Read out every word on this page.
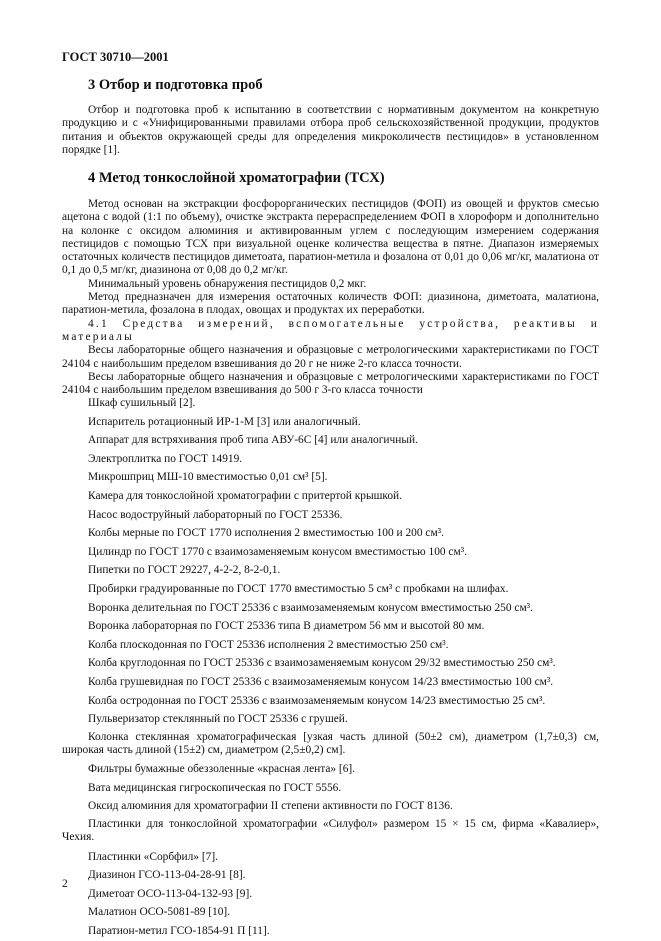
ГОСТ 30710—2001
3 Отбор и подготовка проб

Отбор и подготовка проб к испытанию в соответствии с нормативным документом на конкретную продукцию и с «Унифицированными правилами отбора проб сельскохозяйственной продукции, продуктов питания и объектов окружающей среды для определения микроколичеств пестицидов» в установленном порядке [1].

4 Метод тонкослойной хроматографии (ТСХ)

Метод основан на экстракции фосфорорганических пестицидов (ФОП) из овощей и фруктов смесью ацетона с водой (1:1 по объему), очистке экстракта перераспределением ФОП в хлороформ и дополнительно на колонке с оксидом алюминия и активированным углем с последующим измерением содержания пестицидов с помощью ТСХ при визуальной оценке количества вещества в пятне. Диапазон измеряемых остаточных количеств пестицидов диметоата, паратион-метила и фозалона от 0,01 до 0,06 мг/кг, малатиона от 0,1 до 0,5 мг/кг, диазинона от 0,08 до 0,2 мг/кг.

Минимальный уровень обнаружения пестицидов 0,2 мкг.

Метод предназначен для измерения остаточных количеств ФОП: диазинона, диметоата, малатиона, паратион-метила, фозалона в плодах, овощах и продуктах их переработки.

4.1 Средства измерений, вспомогательные устройства, реактивы и материалы

Весы лабораторные общего назначения и образцовые с метрологическими характеристиками по ГОСТ 24104 с наибольшим пределом взвешивания до 20 г не ниже 2-го класса точности.

Весы лабораторные общего назначения и образцовые с метрологическими характеристиками по ГОСТ 24104 с наибольшим пределом взвешивания до 500 г 3-го класса точности

Шкаф сушильный [2].

Испаритель ротационный ИР-1-М [3] или аналогичный.

Аппарат для встряхивания проб типа АВУ-6С [4] или аналогичный.

Электроплитка по ГОСТ 14919.

Микрошприц МШ-10 вместимостью 0,01 см³ [5].

Камера для тонкослойной хроматографии с притертой крышкой.

Насос водоструйный лабораторный по ГОСТ 25336.

Колбы мерные по ГОСТ 1770 исполнения 2 вместимостью 100 и 200 см³.

Цилиндр по ГОСТ 1770 с взаимозаменяемым конусом вместимостью 100 см³.

Пипетки по ГОСТ 29227, 4-2-2, 8-2-0,1.

Пробирки градуированные по ГОСТ 1770 вместимостью 5 см³ с пробками на шлифах.

Воронка делительная по ГОСТ 25336 с взаимозаменяемым конусом вместимостью 250 см³.

Воронка лабораторная по ГОСТ 25336 типа В диаметром 56 мм и высотой 80 мм.

Колба плоскодонная по ГОСТ 25336 исполнения 2 вместимостью 250 см³.

Колба круглодонная по ГОСТ 25336 с взаимозаменяемым конусом 29/32 вместимостью 250 см³.

Колба грушевидная по ГОСТ 25336 с взаимозаменяемым конусом 14/23 вместимостью 100 см³.

Колба остродонная по ГОСТ 25336 с взаимозаменяемым конусом 14/23 вместимостью 25 см³.

Пульверизатор стеклянный по ГОСТ 25336 с грушей.

Колонка стеклянная хроматографическая [узкая часть длиной (50±2 см), диаметром (1,7±0,3) см, широкая часть длиной (15±2) см, диаметром (2,5±0,2) см].

Фильтры бумажные обеззоленные «красная лента» [6].

Вата медицинская гигроскопическая по ГОСТ 5556.

Оксид алюминия для хроматографии II степени активности по ГОСТ 8136.

Пластинки для тонкослойной хроматографии «Силуфол» размером 15 × 15 см, фирма «Кавалиер», Чехия.

Пластинки «Сорбфил» [7].

Диазинон ГСО-113-04-28-91 [8].

Диметоат ОСО-113-04-132-93 [9].

Малатион ОСО-5081-89 [10].

Паратион-метил ГСО-1854-91 П [11].

2
